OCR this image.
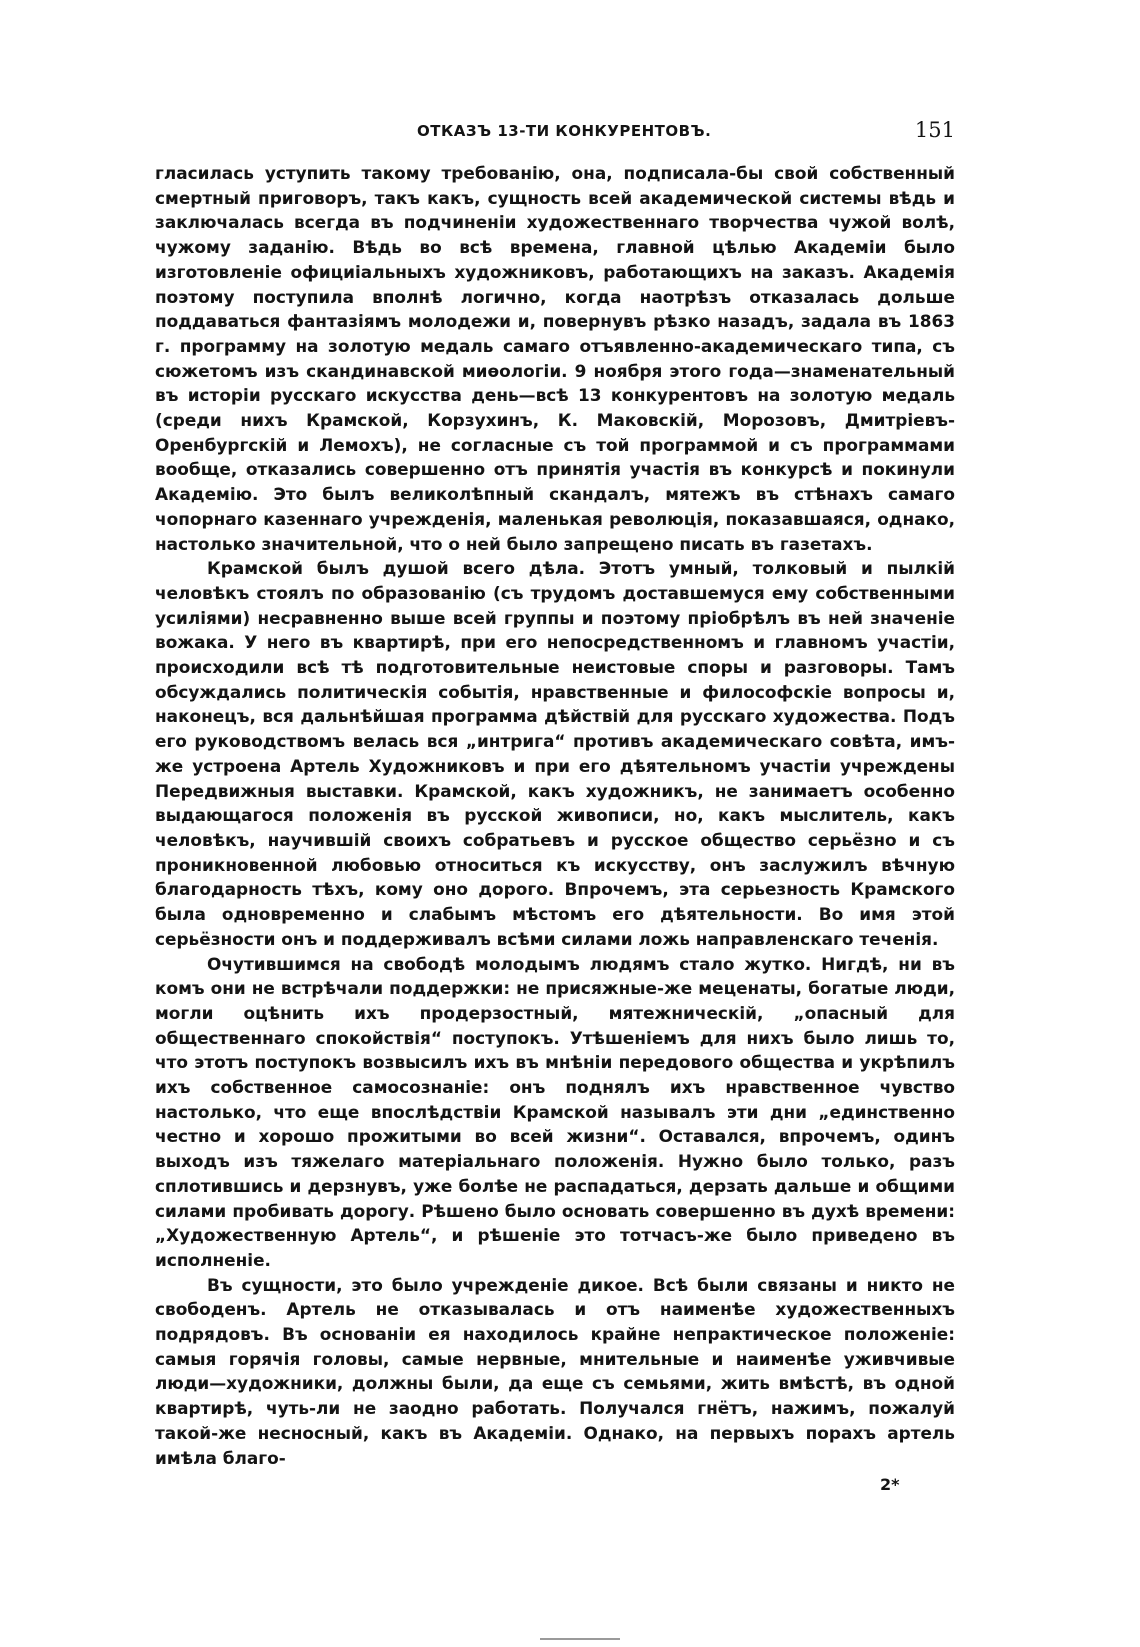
ОТКАЗЪ 13-ТИ КОНКУРЕНТОВЪ.	151

гласилась уступить такому требованію, она, подписала-бы свой собственный смертный приговоръ, такъ какъ, сущность всей академической системы вѣдь и заключалась всегда въ подчиненіи художественнаго творчества чужой волѣ, чужому заданію. Вѣдь во всѣ времена, главной цѣлью Академіи было изготовленіе официіальныхъ художниковъ, работающихъ на заказъ. Академія поэтому поступила вполнѣ логично, когда наотрѣзъ отказалась дольше поддаваться фантазіямъ молодежи и, повернувъ рѣзко назадъ, задала въ 1863 г. программу на золотую медаль самаго отъявленно-академическаго типа, съ сюжетомъ изъ скандинавской миѳологіи. 9 ноября этого года—знаменательный въ исторіи русскаго искусства день—всѣ 13 конкурентовъ на золотую медаль (среди нихъ Крамской, Корзухинъ, К. Маковскій, Морозовъ, Дмитріевъ-Оренбургскій и Лемохъ), не согласные съ той программой и съ программами вообще, отказались совершенно отъ принятія участія въ конкурсѣ и покинули Академію. Это былъ великолѣпный скандалъ, мятежъ въ стѣнахъ самаго чопорнаго казеннаго учрежденія, маленькая революція, показавшаяся, однако, настолько значительной, что о ней было запрещено писать въ газетахъ.

Крамской былъ душой всего дѣла. Этотъ умный, толковый и пылкій человѣкъ стоялъ по образованію (съ трудомъ доставшемуся ему собственными усиліями) несравненно выше всей группы и поэтому пріобрѣлъ въ ней значеніе вожака. У него въ квартирѣ, при его непосредственномъ и главномъ участіи, происходили всѣ тѣ подготовительные неистовые споры и разговоры. Тамъ обсуждались политическія событія, нравственные и философскіе вопросы и, наконецъ, вся дальнѣйшая программа дѣйствій для русскаго художества. Подъ его руководствомъ велась вся „интрига“ противъ академическаго совѣта, имъ-же устроена Артель Художниковъ и при его дѣятельномъ участіи учреждены Передвижныя выставки. Крамской, какъ художникъ, не занимаетъ особенно выдающагося положенія въ русской живописи, но, какъ мыслитель, какъ человѣкъ, научившій своихъ собратьевъ и русское общество серьёзно и съ проникновенной любовью относиться къ искусству, онъ заслужилъ вѣчную благодарность тѣхъ, кому оно дорого. Впрочемъ, эта серьезность Крамского была одновременно и слабымъ мѣстомъ его дѣятельности. Во имя этой серьёзности онъ и поддерживалъ всѣми силами ложь направленскаго теченія.

Очутившимся на свободѣ молодымъ людямъ стало жутко. Нигдѣ, ни въ комъ они не встрѣчали поддержки: не присяжные-же меценаты, богатые люди, могли оцѣнить ихъ продерзостный, мятежническій, „опасный для общественнаго спокойствія“ поступокъ. Утѣшеніемъ для нихъ было лишь то, что этотъ поступокъ возвысилъ ихъ въ мнѣніи передового общества и укрѣпилъ ихъ собственное самосознаніе: онъ поднялъ ихъ нравственное чувство настолько, что еще впослѣдствіи Крамской называлъ эти дни „единственно честно и хорошо прожитыми во всей жизни“. Оставался, впрочемъ, одинъ выходъ изъ тяжелаго матеріальнаго положенія. Нужно было только, разъ сплотившись и дерзнувъ, уже болѣе не распадаться, дерзать дальше и общими силами пробивать дорогу. Рѣшено было основать совершенно въ духѣ времени: „Художественную Артель“, и рѣшеніе это тотчасъ-же было приведено въ исполненіе.

Въ сущности, это было учрежденіе дикое. Всѣ были связаны и никто не свободенъ. Артель не отказывалась и отъ наименѣе художественныхъ подрядовъ. Въ основаніи ея находилось крайне непрактическое положеніе: самыя горячія головы, самые нервные, мнительные и наименѣе уживчивые люди—художники, должны были, да еще съ семьями, жить вмѣстѣ, въ одной квартирѣ, чуть-ли не заодно работать. Получался гнётъ, нажимъ, пожалуй такой-же несносный, какъ въ Академіи. Однако, на первыхъ порахъ артель имѣла благо-

2*
